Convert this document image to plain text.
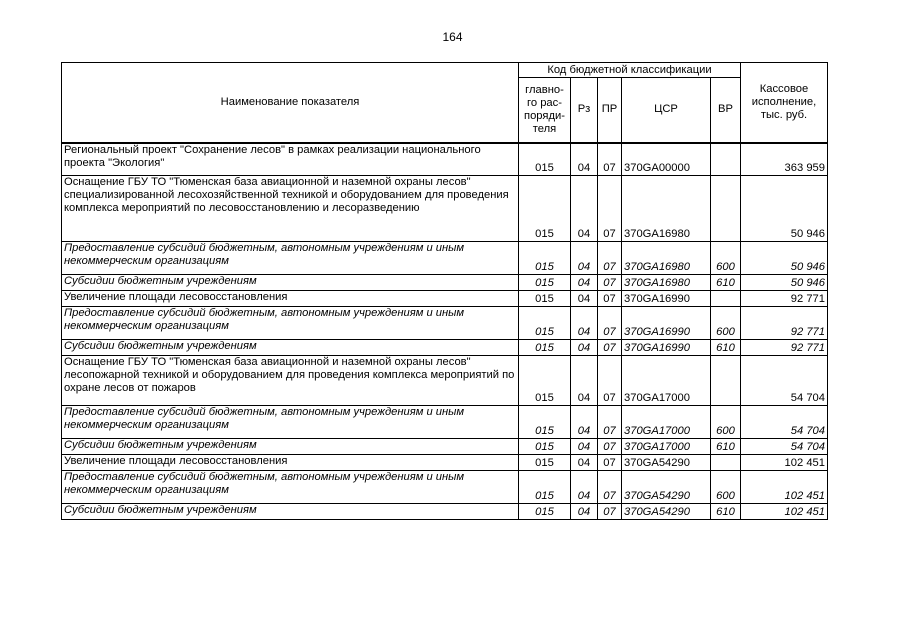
164
Наименование показателя	Код бюджетной классификации					Кассовое исполнение, тыс. руб.
	главно-го рас-поряди-теля	Рз	ПР	ЦСР	ВР	
Региональный проект "Сохранение лесов" в рамках реализации национального проекта "Экология"	015	04	07	370GA00000		363 959
Оснащение ГБУ ТО "Тюменская база авиационной и наземной охраны лесов" специализированной лесохозяйственной техникой и оборудованием для проведения комплекса мероприятий по лесовосстановлению и лесоразведению	015	04	07	370GA16980		50 946
Предоставление субсидий бюджетным, автономным учреждениям и иным некоммерческим организациям	015	04	07	370GA16980	600	50 946
Субсидии бюджетным учреждениям	015	04	07	370GA16980	610	50 946
Увеличение площади лесовосстановления	015	04	07	370GA16990		92 771
Предоставление субсидий бюджетным, автономным учреждениям и иным некоммерческим организациям	015	04	07	370GA16990	600	92 771
Субсидии бюджетным учреждениям	015	04	07	370GA16990	610	92 771
Оснащение ГБУ ТО "Тюменская база авиационной и наземной охраны лесов" лесопожарной техникой и оборудованием для проведения комплекса мероприятий по охране лесов от пожаров	015	04	07	370GA17000		54 704
Предоставление субсидий бюджетным, автономным учреждениям и иным некоммерческим организациям	015	04	07	370GA17000	600	54 704
Субсидии бюджетным учреждениям	015	04	07	370GA17000	610	54 704
Увеличение площади лесовосстановления	015	04	07	370GA54290		102 451
Предоставление субсидий бюджетным, автономным учреждениям и иным некоммерческим организациям	015	04	07	370GA54290	600	102 451
Субсидии бюджетным учреждениям	015	04	07	370GA54290	610	102 451
